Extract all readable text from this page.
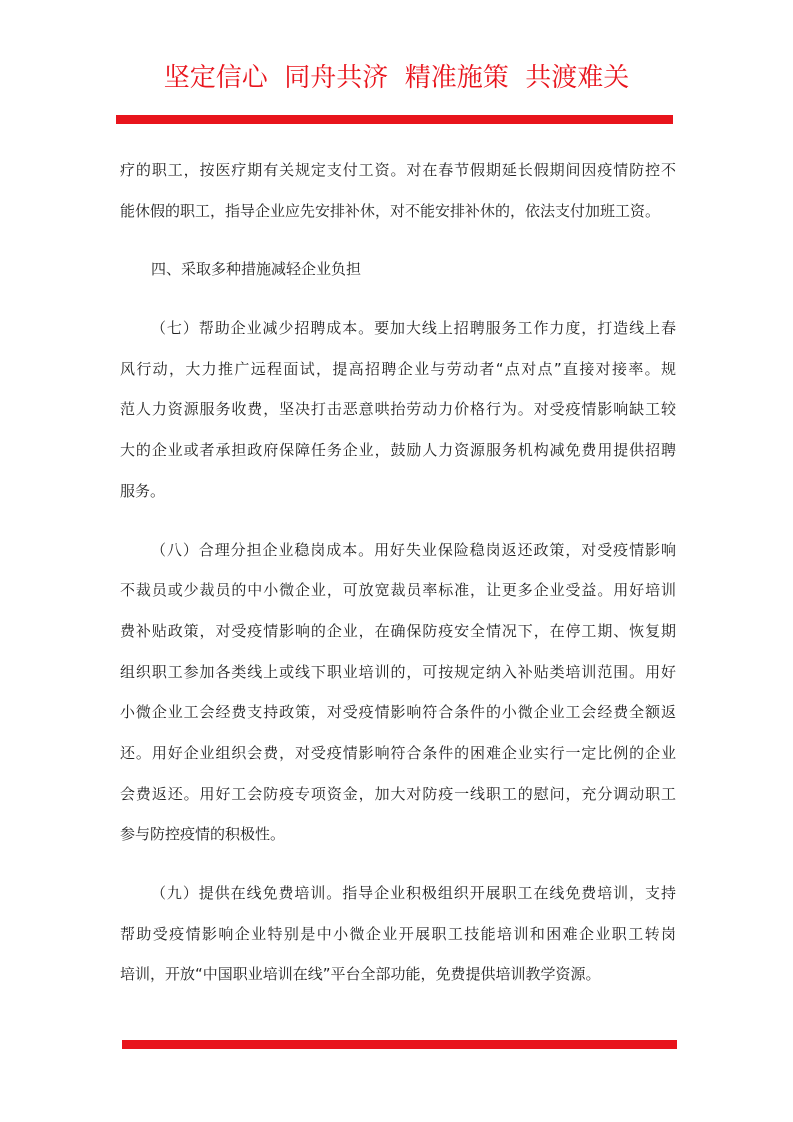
坚定信心  同舟共济  精准施策  共渡难关
疗的职工，按医疗期有关规定支付工资。对在春节假期延长假期间因疫情防控不
能休假的职工，指导企业应先安排补休，对不能安排补休的，依法支付加班工资。
四、采取多种措施减轻企业负担
（七）帮助企业减少招聘成本。要加大线上招聘服务工作力度，打造线上春
风行动，大力推广远程面试，提高招聘企业与劳动者“点对点”直接对接率。规
范人力资源服务收费，坚决打击恶意哄抬劳动力价格行为。对受疫情影响缺工较
大的企业或者承担政府保障任务企业，鼓励人力资源服务机构减免费用提供招聘
服务。
（八）合理分担企业稳岗成本。用好失业保险稳岗返还政策，对受疫情影响
不裁员或少裁员的中小微企业，可放宽裁员率标准，让更多企业受益。用好培训
费补贴政策，对受疫情影响的企业，在确保防疫安全情况下，在停工期、恢复期
组织职工参加各类线上或线下职业培训的，可按规定纳入补贴类培训范围。用好
小微企业工会经费支持政策，对受疫情影响符合条件的小微企业工会经费全额返
还。用好企业组织会费，对受疫情影响符合条件的困难企业实行一定比例的企业
会费返还。用好工会防疫专项资金，加大对防疫一线职工的慰问，充分调动职工
参与防控疫情的积极性。
（九）提供在线免费培训。指导企业积极组织开展职工在线免费培训，支持
帮助受疫情影响企业特别是中小微企业开展职工技能培训和困难企业职工转岗
培训，开放“中国职业培训在线”平台全部功能，免费提供培训教学资源。
